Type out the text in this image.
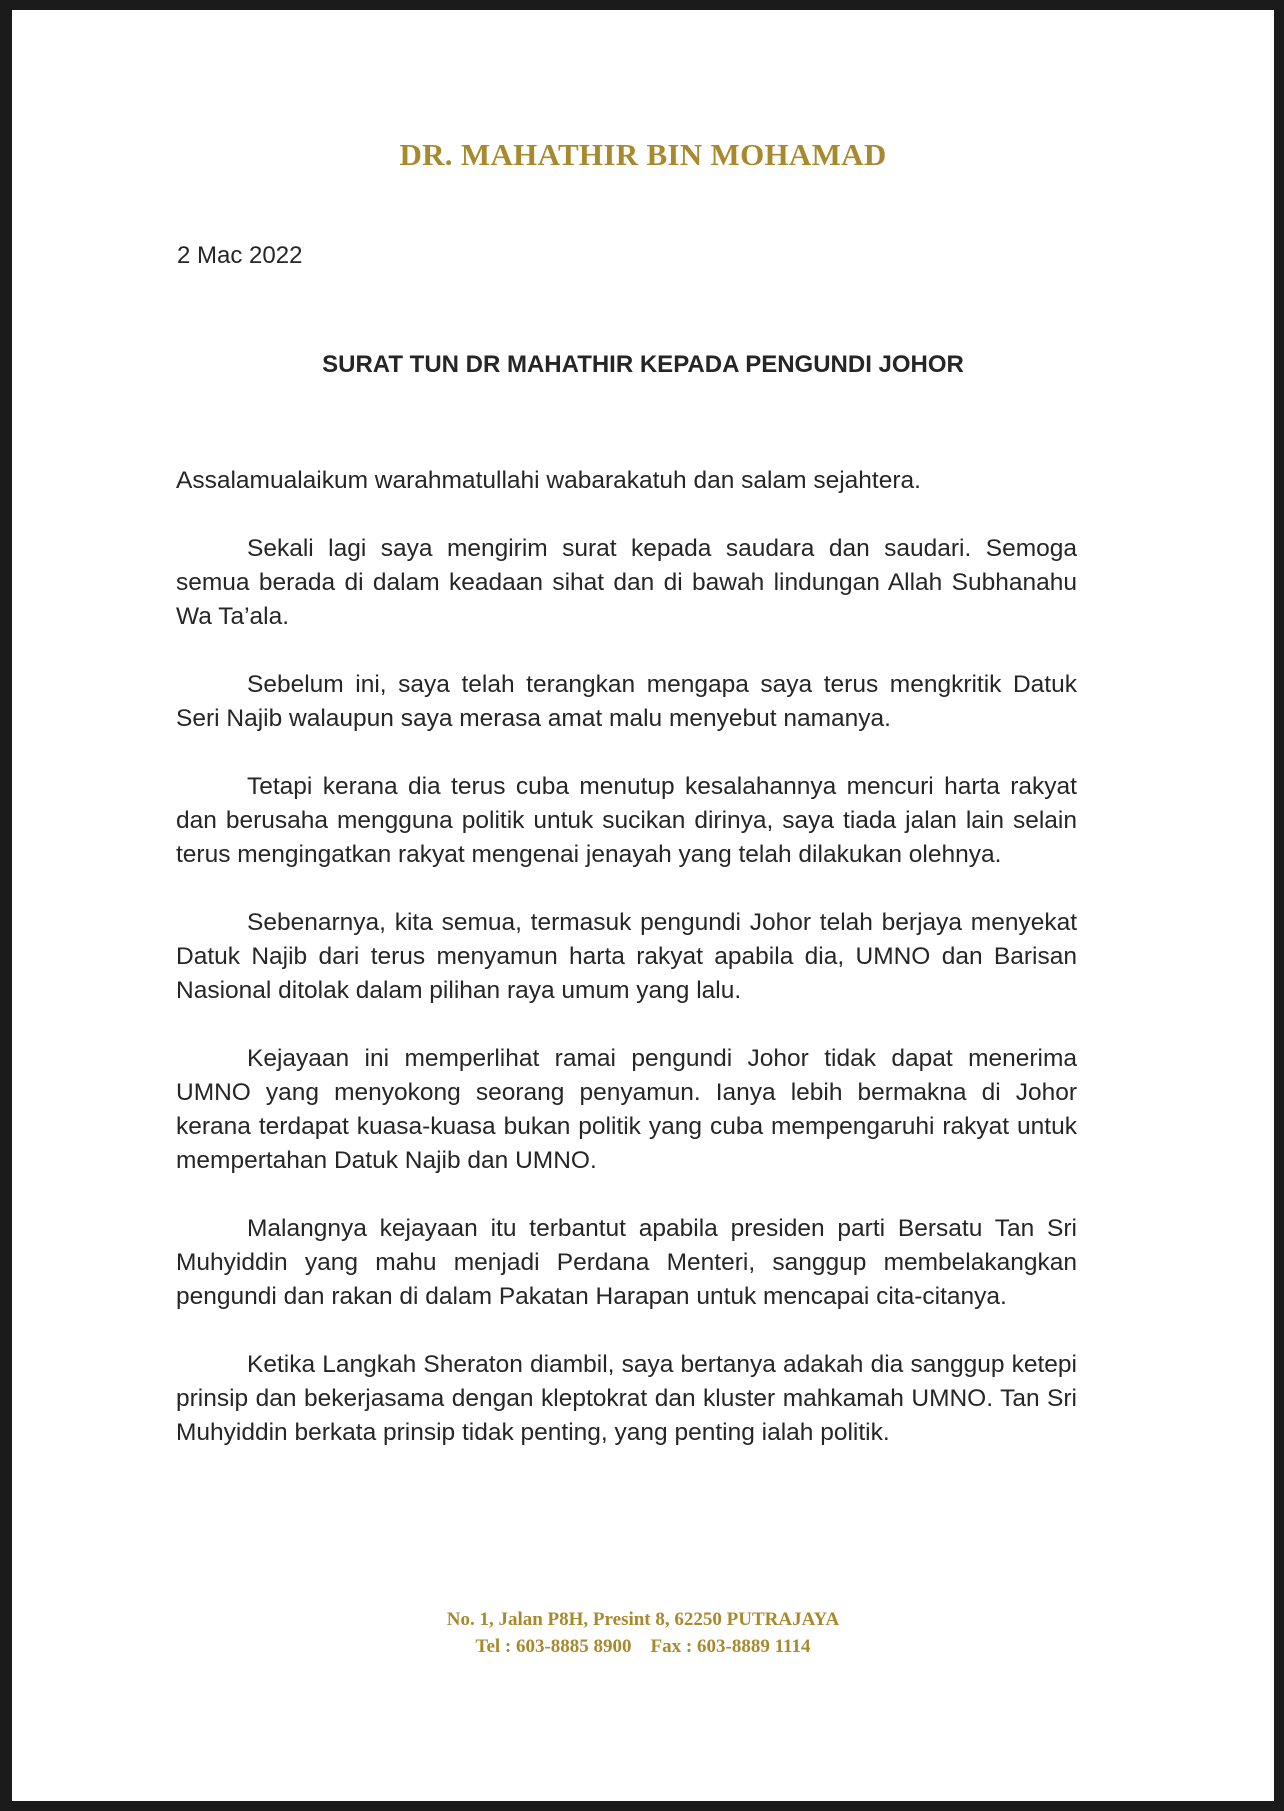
DR. MAHATHIR BIN MOHAMAD

2 Mac 2022

SURAT TUN DR MAHATHIR KEPADA PENGUNDI JOHOR

Assalamualaikum warahmatullahi wabarakatuh dan salam sejahtera.

Sekali lagi saya mengirim surat kepada saudara dan saudari. Semoga semua berada di dalam keadaan sihat dan di bawah lindungan Allah Subhanahu Wa Ta’ala.

Sebelum ini, saya telah terangkan mengapa saya terus mengkritik Datuk Seri Najib walaupun saya merasa amat malu menyebut namanya.

Tetapi kerana dia terus cuba menutup kesalahannya mencuri harta rakyat dan berusaha mengguna politik untuk sucikan dirinya, saya tiada jalan lain selain terus mengingatkan rakyat mengenai jenayah yang telah dilakukan olehnya.

Sebenarnya, kita semua, termasuk pengundi Johor telah berjaya menyekat Datuk Najib dari terus menyamun harta rakyat apabila dia, UMNO dan Barisan Nasional ditolak dalam pilihan raya umum yang lalu.

Kejayaan ini memperlihat ramai pengundi Johor tidak dapat menerima UMNO yang menyokong seorang penyamun. Ianya lebih bermakna di Johor kerana terdapat kuasa-kuasa bukan politik yang cuba mempengaruhi rakyat untuk mempertahan Datuk Najib dan UMNO.

Malangnya kejayaan itu terbantut apabila presiden parti Bersatu Tan Sri Muhyiddin yang mahu menjadi Perdana Menteri, sanggup membelakangkan pengundi dan rakan di dalam Pakatan Harapan untuk mencapai cita-citanya.

Ketika Langkah Sheraton diambil, saya bertanya adakah dia sanggup ketepi prinsip dan bekerjasama dengan kleptokrat dan kluster mahkamah UMNO. Tan Sri Muhyiddin berkata prinsip tidak penting, yang penting ialah politik.

No. 1, Jalan P8H, Presint 8, 62250 PUTRAJAYA
Tel : 603-8885 8900    Fax : 603-8889 1114
